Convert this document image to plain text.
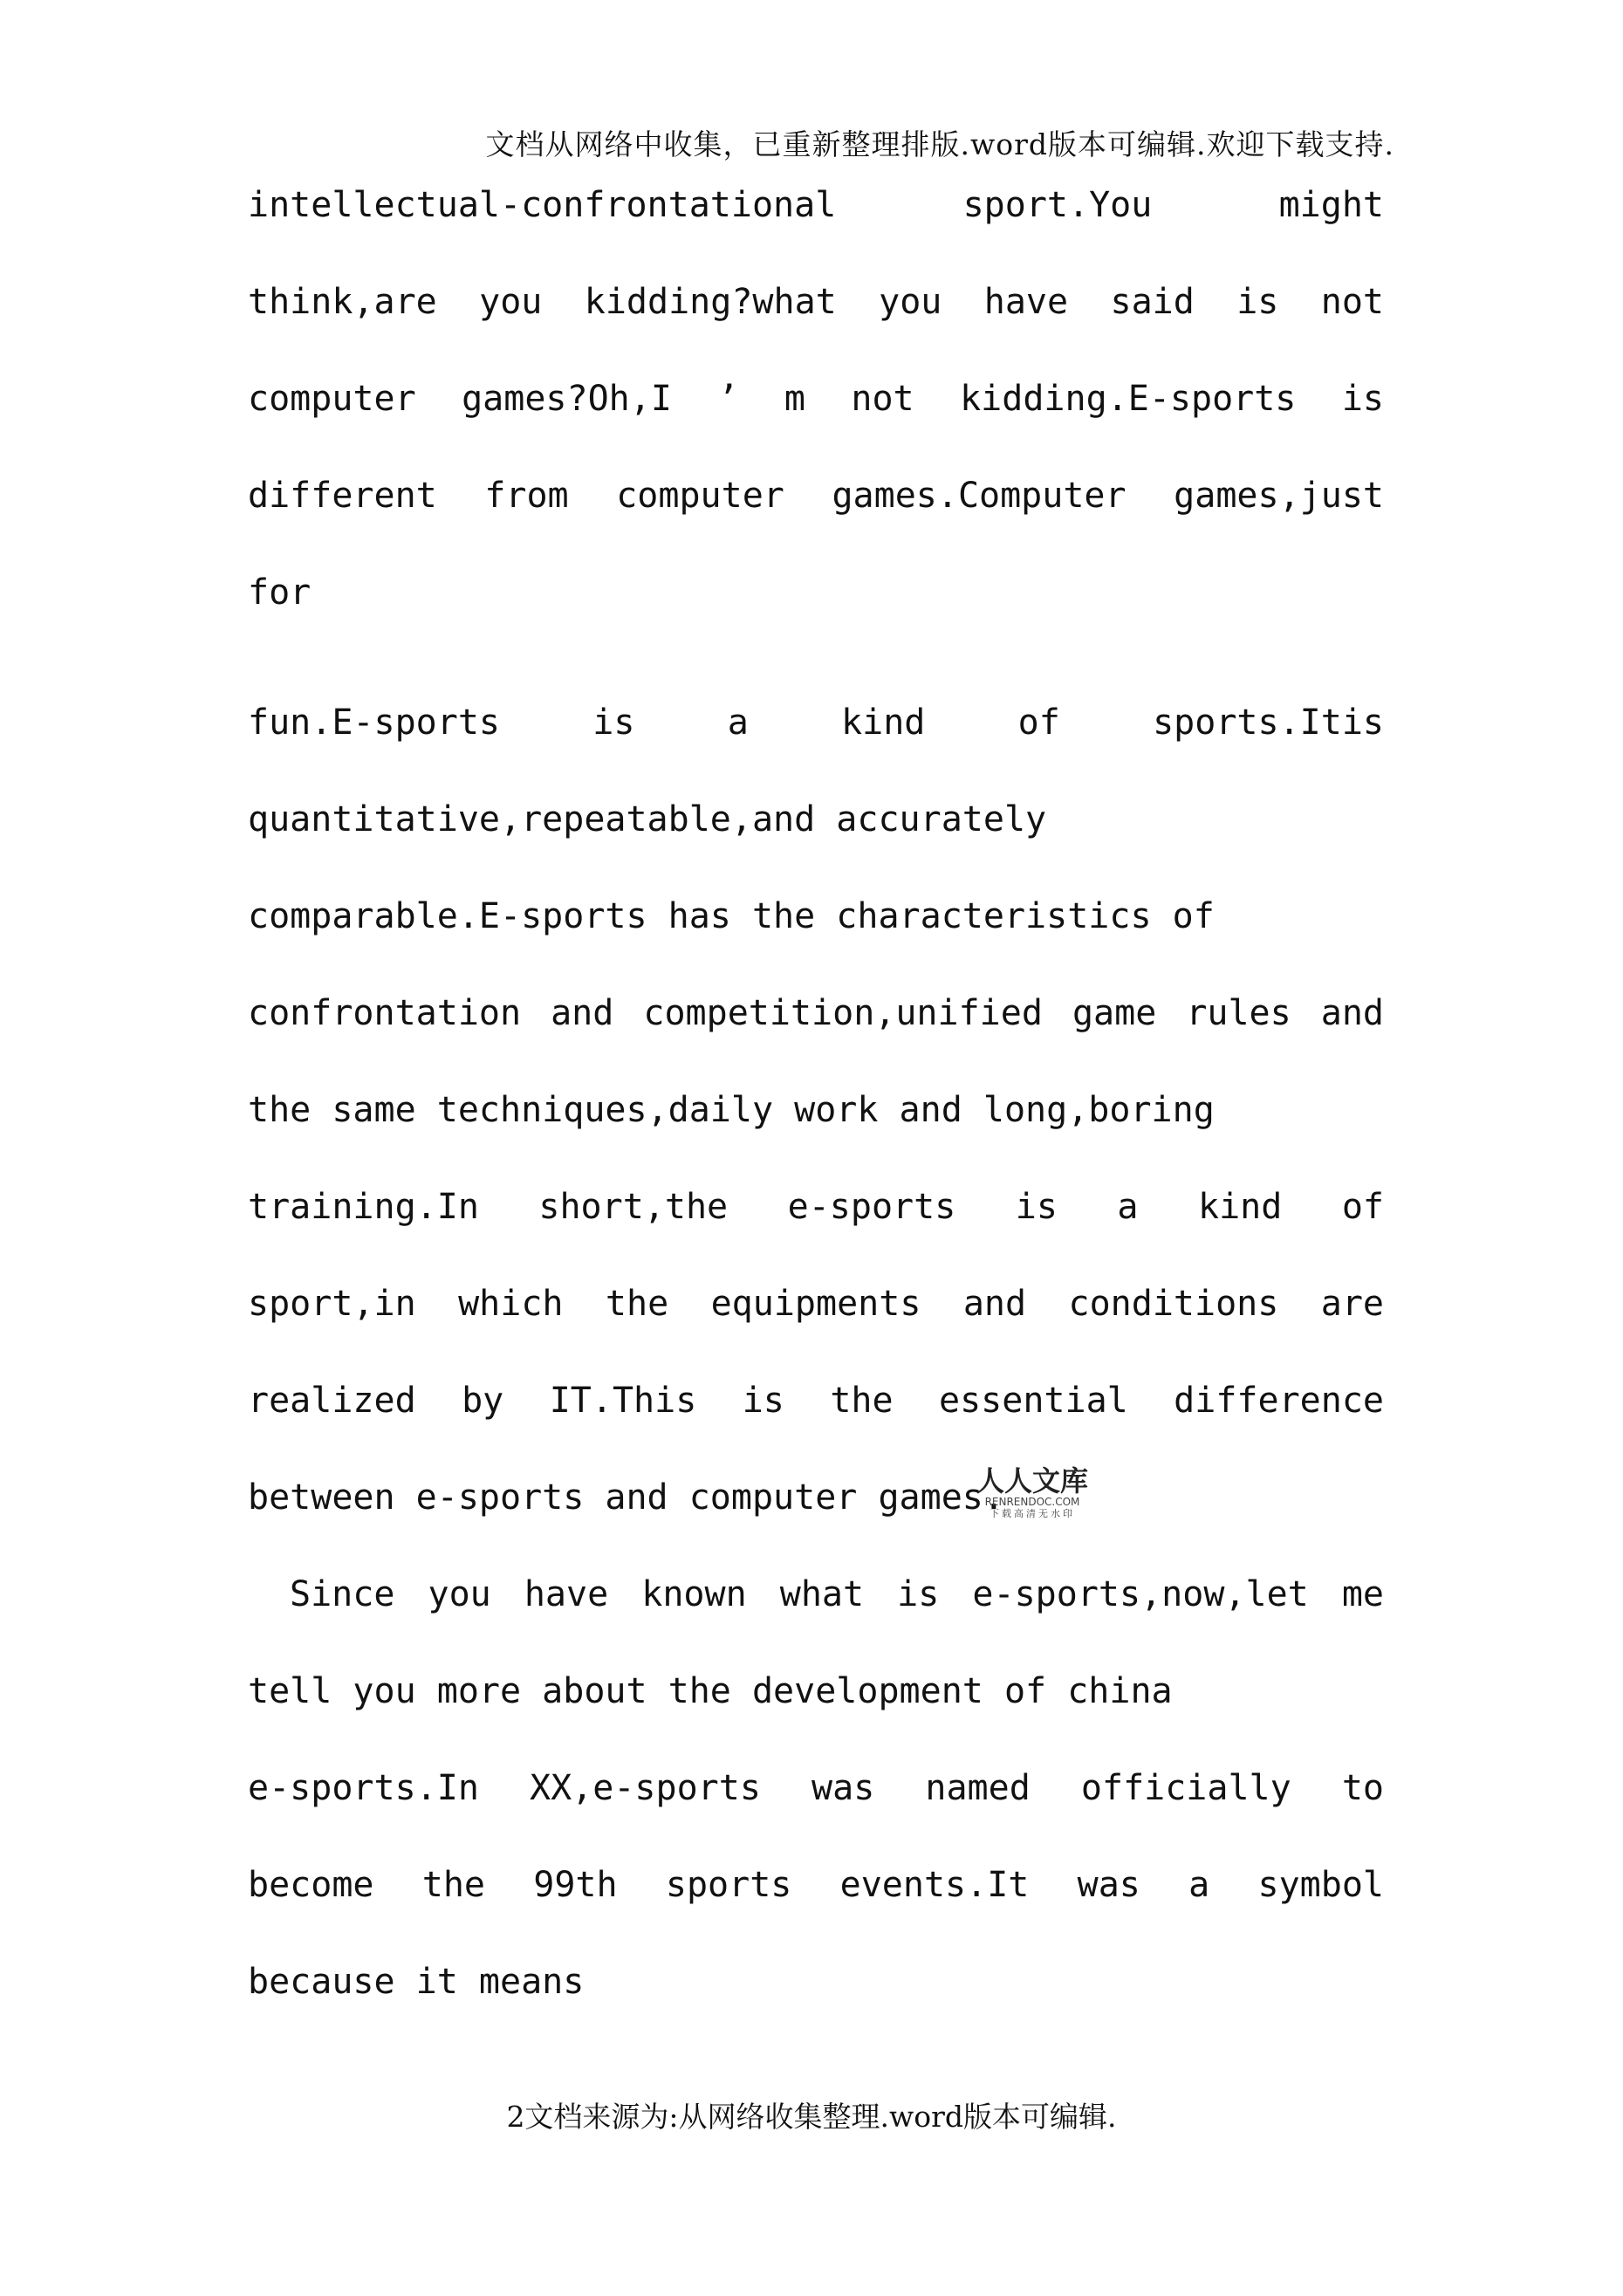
文档从网络中收集，已重新整理排版.word版本可编辑.欢迎下载支持.
intellectual-confrontational sport.You might
think,are you kidding?what you have said is not
computer games?Oh,I ’ m not kidding.E-sports is
different from computer games.Computer games,just
for
fun.E-sports is a kind of sports.Itis
quantitative,repeatable,and accurately
comparable.E-sports has the characteristics of
confrontation and competition,unified game rules and
the same techniques,daily work and long,boring
training.In short,the e-sports is a kind of
sport,in which the equipments and conditions are
realized by IT.This is the essential difference
between e-sports and computer games.
Since you have known what is e-sports,now,let me
tell you more about the development of china
e-sports.In XX,e-sports was named officially to
become the 99th sports events.It was a symbol
because it means
人人文库
RENRENDOC.COM
下载高清无水印
2文档来源为:从网络收集整理.word版本可编辑.
